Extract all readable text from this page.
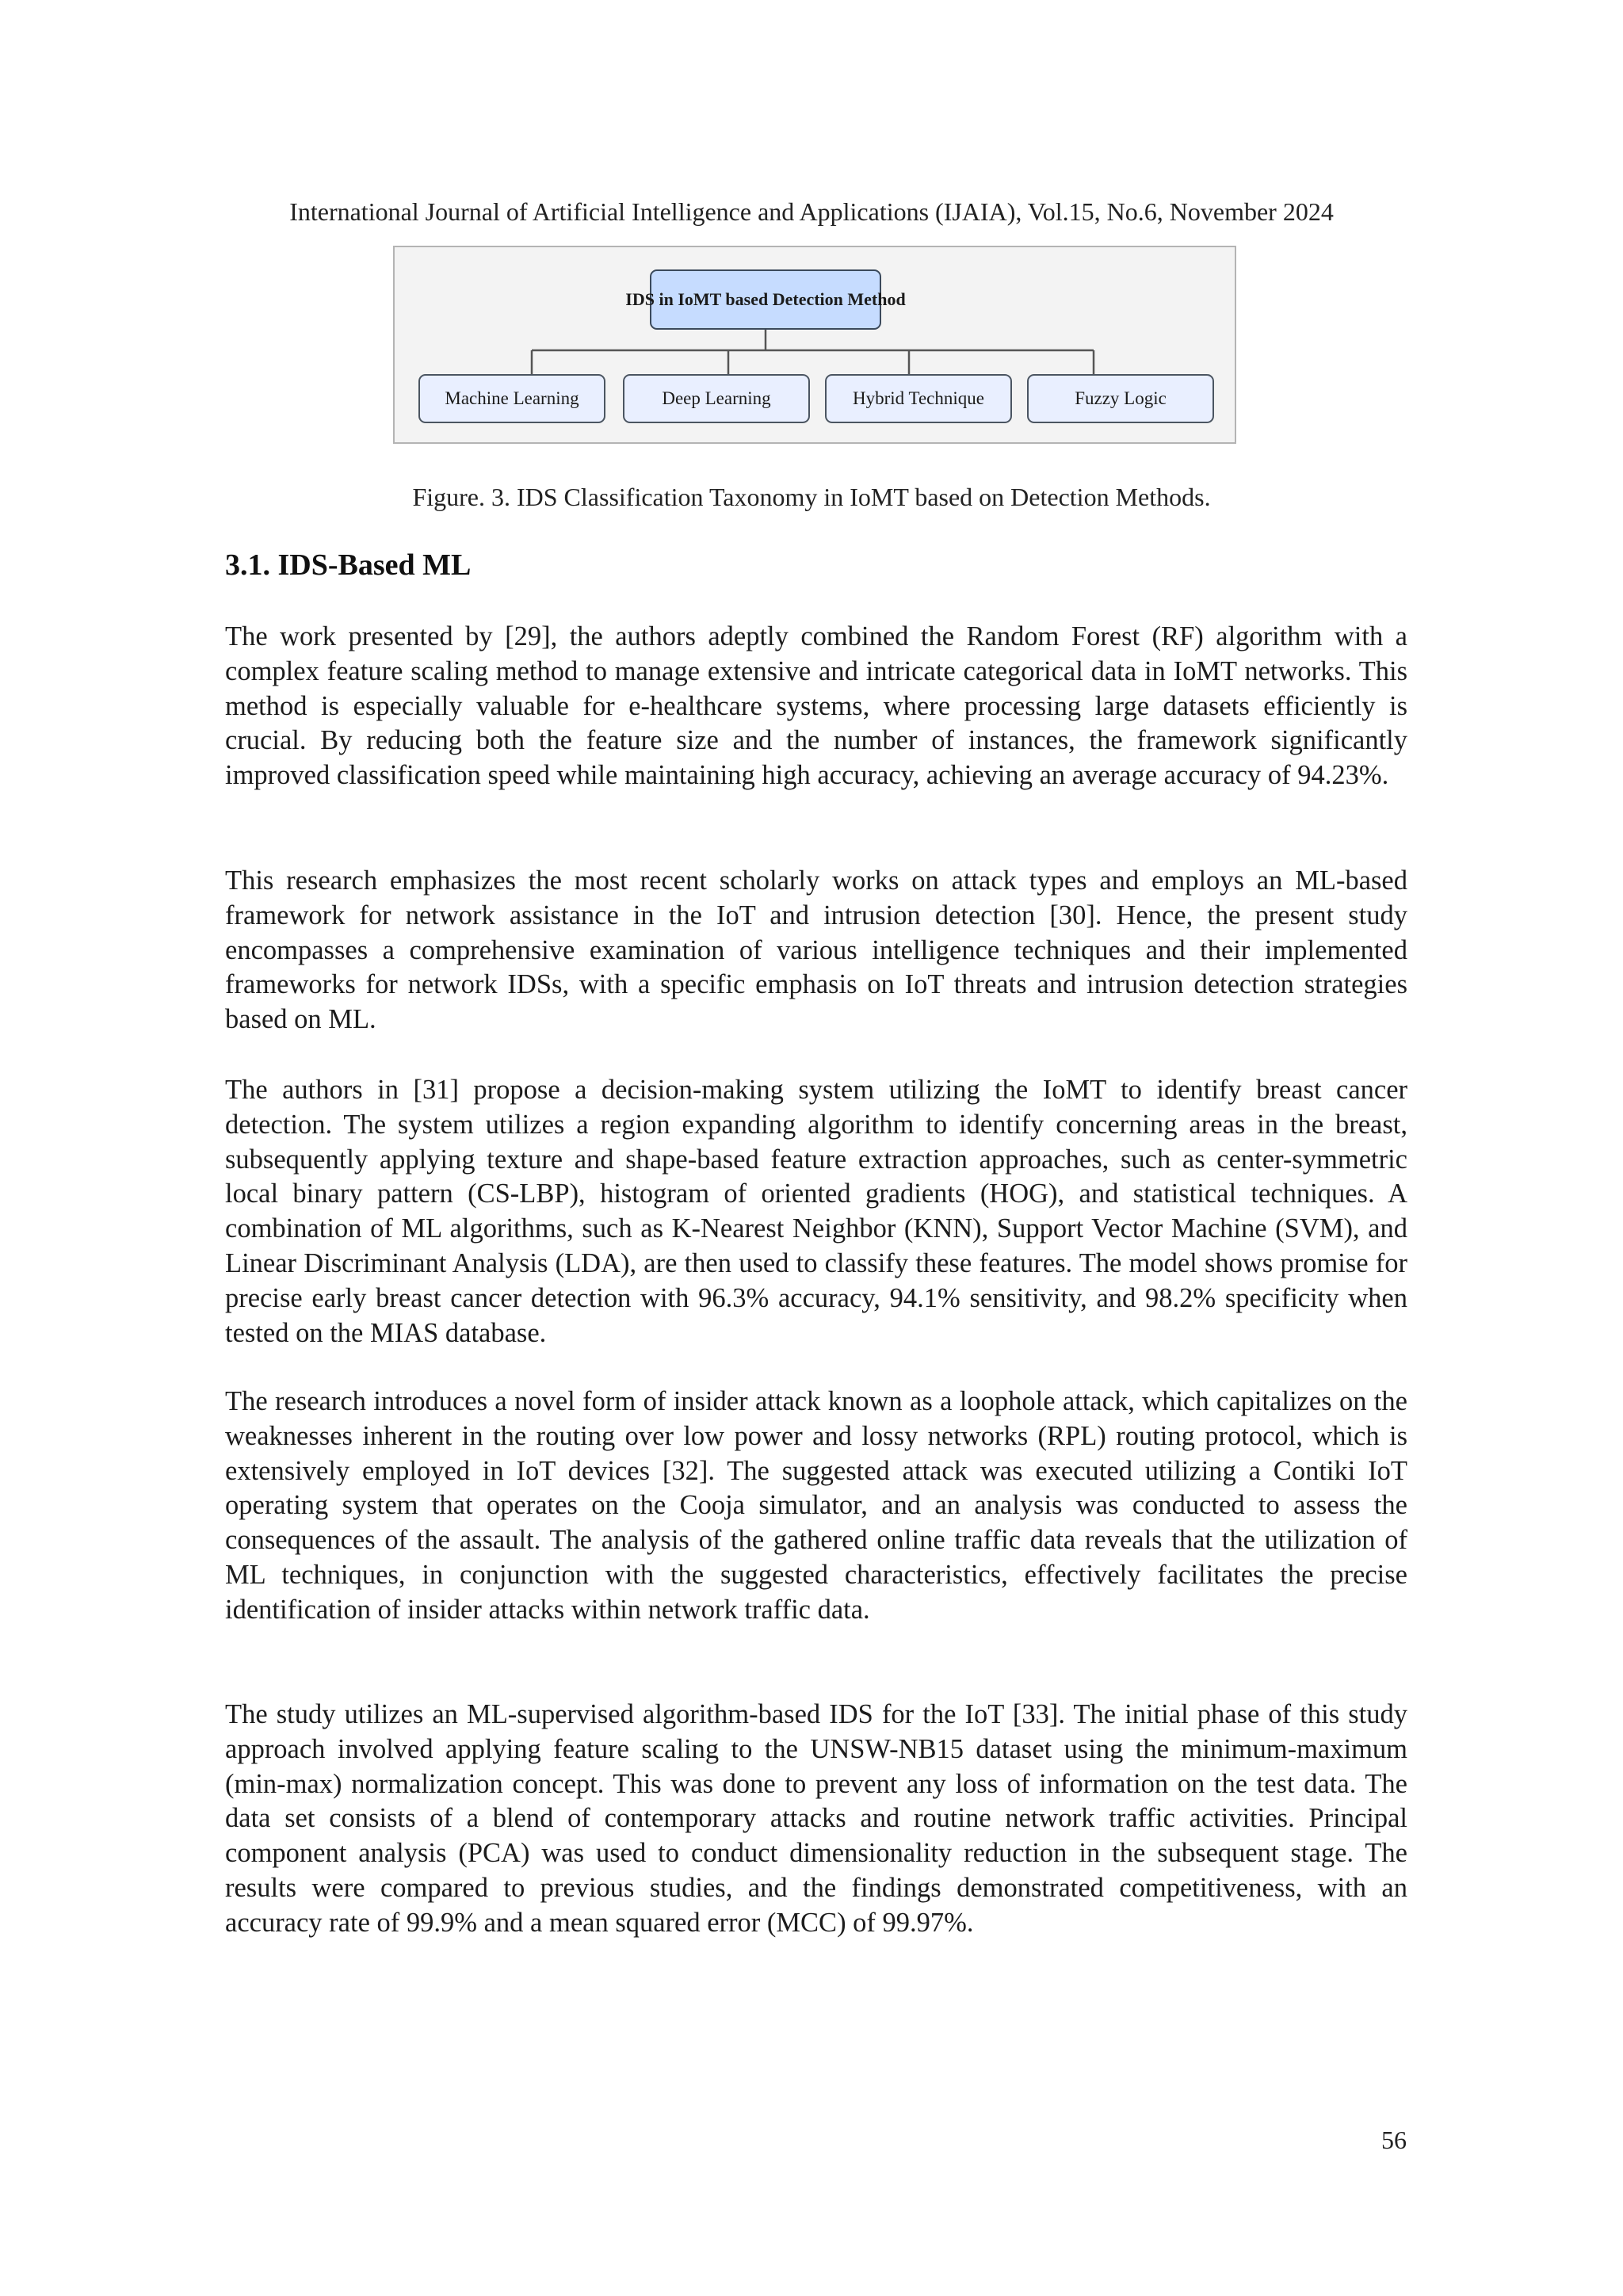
International Journal of Artificial Intelligence and Applications (IJAIA), Vol.15, No.6, November 2024
IDS in IoMT based Detection Method
Machine Learning	Deep Learning	Hybrid Technique	Fuzzy Logic
Figure. 3. IDS Classification Taxonomy in IoMT based on Detection Methods.
3.1. IDS-Based ML

The work presented by [29], the authors adeptly combined the Random Forest (RF) algorithm with a complex feature scaling method to manage extensive and intricate categorical data in IoMT networks. This method is especially valuable for e-healthcare systems, where processing large datasets efficiently is crucial. By reducing both the feature size and the number of instances, the framework significantly improved classification speed while maintaining high accuracy, achieving an average accuracy of 94.23%.

This research emphasizes the most recent scholarly works on attack types and employs an ML-based framework for network assistance in the IoT and intrusion detection [30]. Hence, the present study encompasses a comprehensive examination of various intelligence techniques and their implemented frameworks for network IDSs, with a specific emphasis on IoT threats and intrusion detection strategies based on ML.

The authors in [31] propose a decision-making system utilizing the IoMT to identify breast cancer detection. The system utilizes a region expanding algorithm to identify concerning areas in the breast, subsequently applying texture and shape-based feature extraction approaches, such as center-symmetric local binary pattern (CS-LBP), histogram of oriented gradients (HOG), and statistical techniques. A combination of ML algorithms, such as K-Nearest Neighbor (KNN), Support Vector Machine (SVM), and Linear Discriminant Analysis (LDA), are then used to classify these features. The model shows promise for precise early breast cancer detection with 96.3% accuracy, 94.1% sensitivity, and 98.2% specificity when tested on the MIAS database.

The research introduces a novel form of insider attack known as a loophole attack, which capitalizes on the weaknesses inherent in the routing over low power and lossy networks (RPL) routing protocol, which is extensively employed in IoT devices [32]. The suggested attack was executed utilizing a Contiki IoT operating system that operates on the Cooja simulator, and an analysis was conducted to assess the consequences of the assault. The analysis of the gathered online traffic data reveals that the utilization of ML techniques, in conjunction with the suggested characteristics, effectively facilitates the precise identification of insider attacks within network traffic data.

The study utilizes an ML-supervised algorithm-based IDS for the IoT [33]. The initial phase of this study approach involved applying feature scaling to the UNSW-NB15 dataset using the minimum-maximum (min-max) normalization concept. This was done to prevent any loss of information on the test data. The data set consists of a blend of contemporary attacks and routine network traffic activities. Principal component analysis (PCA) was used to conduct dimensionality reduction in the subsequent stage. The results were compared to previous studies, and the findings demonstrated competitiveness, with an accuracy rate of 99.9% and a mean squared error (MCC) of 99.97%.

56
